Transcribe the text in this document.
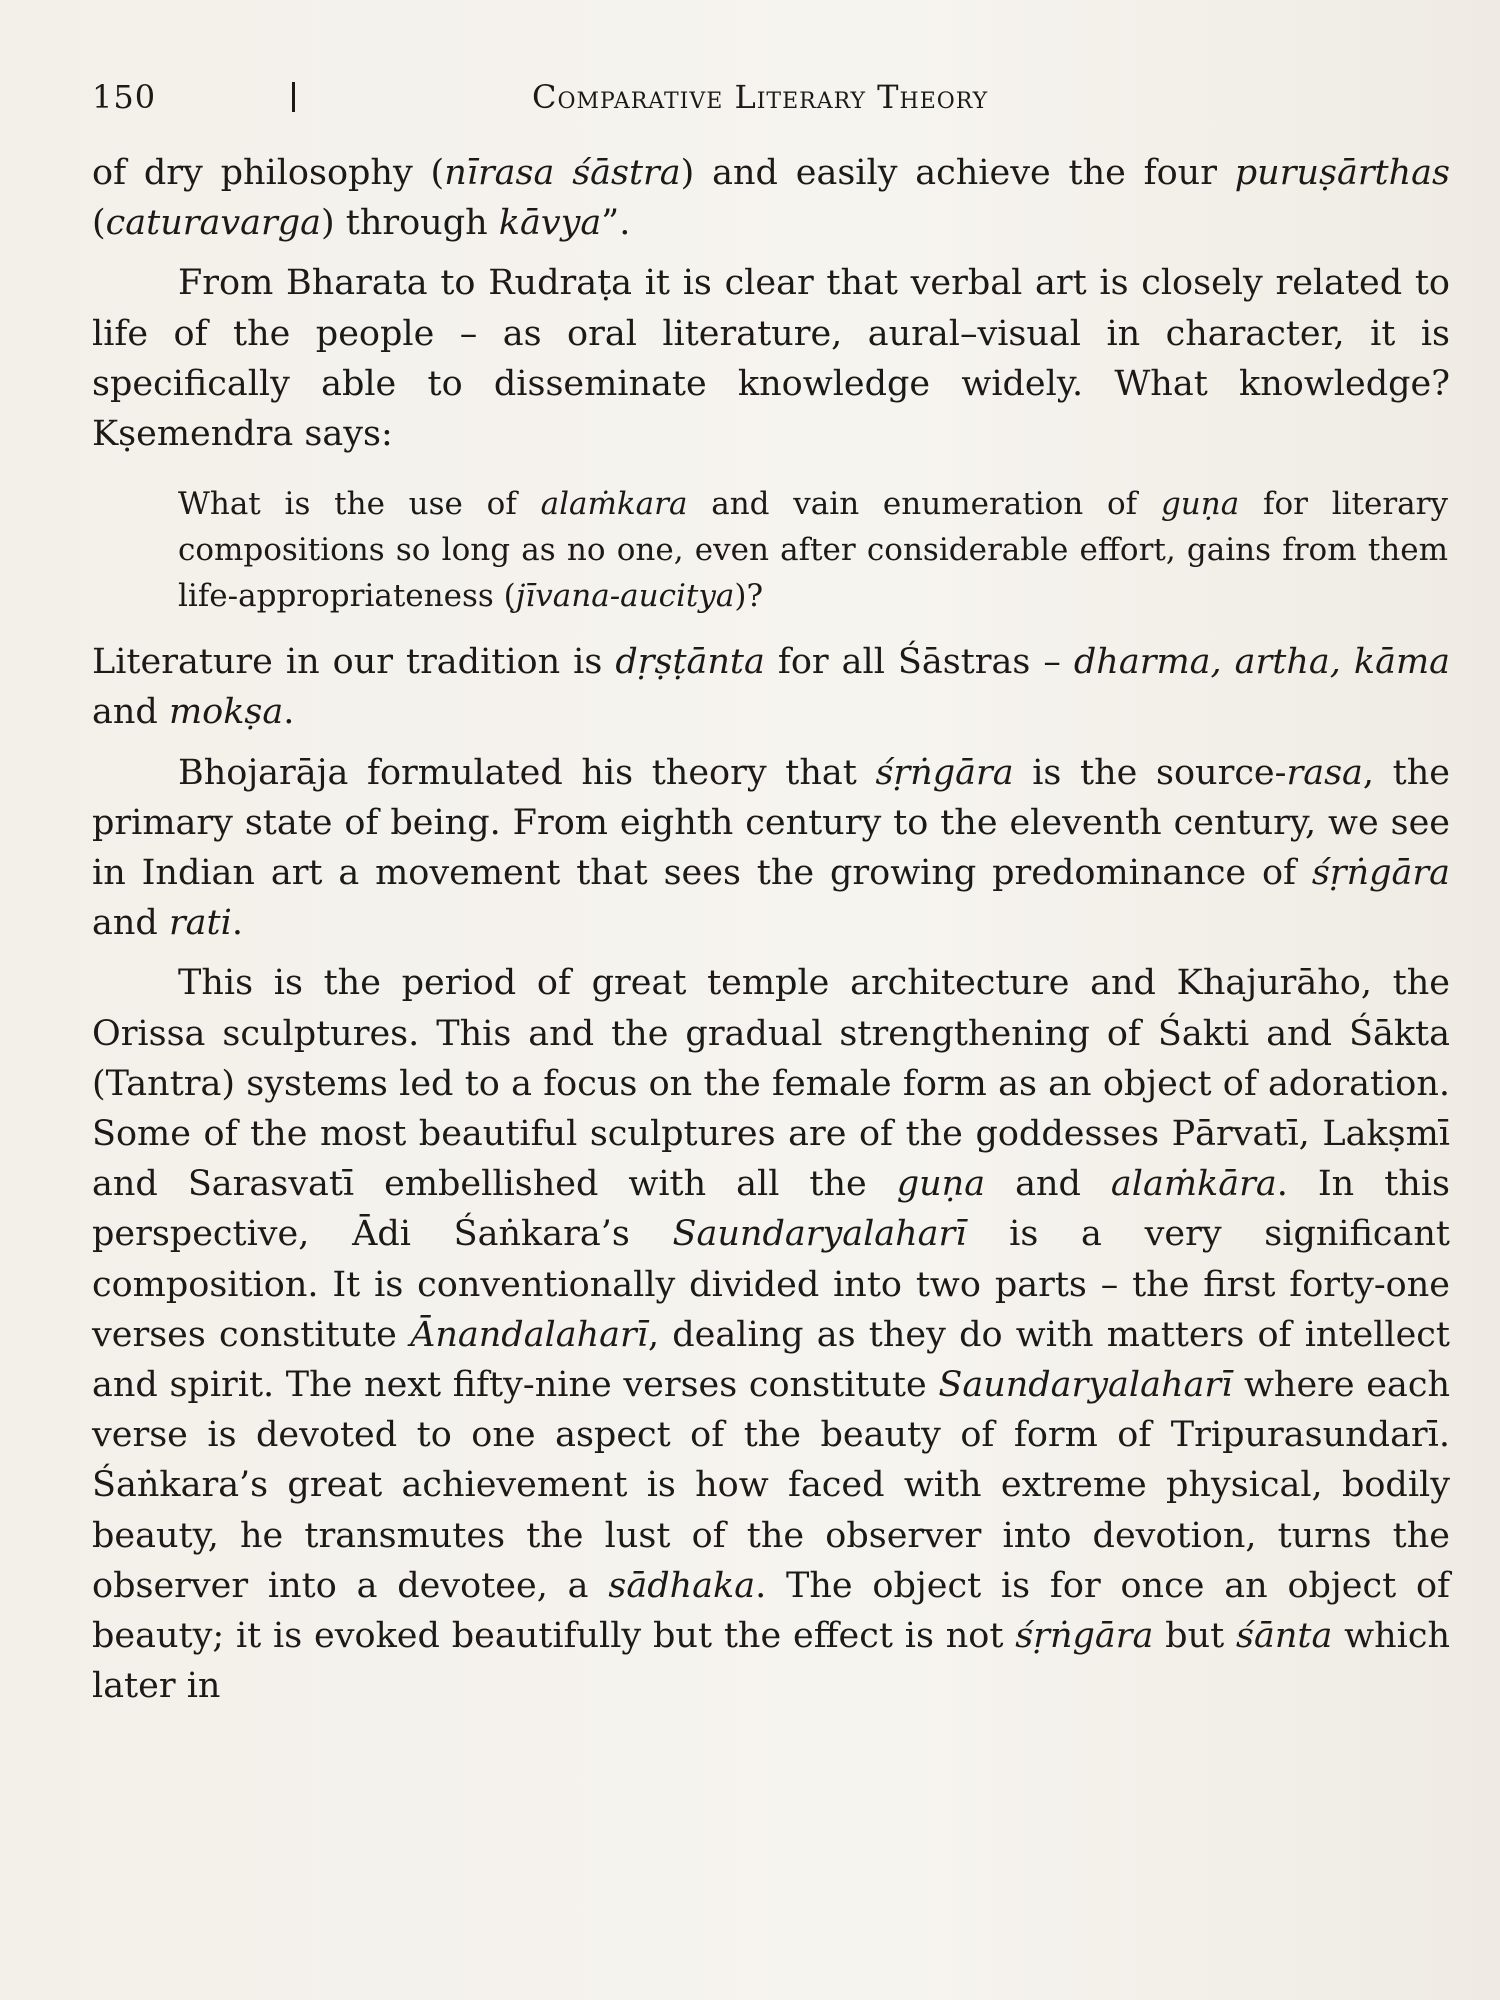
150	Comparative Literary Theory

of dry philosophy (nīrasa śāstra) and easily achieve the four puruṣārthas (caturavarga) through kāvya”.

From Bharata to Rudraṭa it is clear that verbal art is closely related to life of the people – as oral literature, aural–visual in character, it is specifically able to disseminate knowledge widely. What knowledge? Kṣemendra says:

What is the use of alaṁkara and vain enumeration of guṇa for literary compositions so long as no one, even after considerable effort, gains from them life-appropriateness (jīvana-aucitya)?

Literature in our tradition is dṛṣṭānta for all Śāstras – dharma, artha, kāma and mokṣa.

Bhojarāja formulated his theory that śṛṅgāra is the source-rasa, the primary state of being. From eighth century to the eleventh century, we see in Indian art a movement that sees the growing predominance of śṛṅgāra and rati.

This is the period of great temple architecture and Khajurāho, the Orissa sculptures. This and the gradual strengthening of Śakti and Śākta (Tantra) systems led to a focus on the female form as an object of adoration. Some of the most beautiful sculptures are of the goddesses Pārvatī, Lakṣmī and Sarasvatī embellished with all the guṇa and alaṁkāra. In this perspective, Ādi Śaṅkara’s Saundaryalaharī is a very significant composition. It is conventionally divided into two parts – the first forty-one verses constitute Ānandalaharī, dealing as they do with matters of intellect and spirit. The next fifty-nine verses constitute Saundaryalaharī where each verse is devoted to one aspect of the beauty of form of Tripurasundarī. Śaṅkara’s great achievement is how faced with extreme physical, bodily beauty, he transmutes the lust of the observer into devotion, turns the observer into a devotee, a sādhaka. The object is for once an object of beauty; it is evoked beautifully but the effect is not śṛṅgāra but śānta which later in
